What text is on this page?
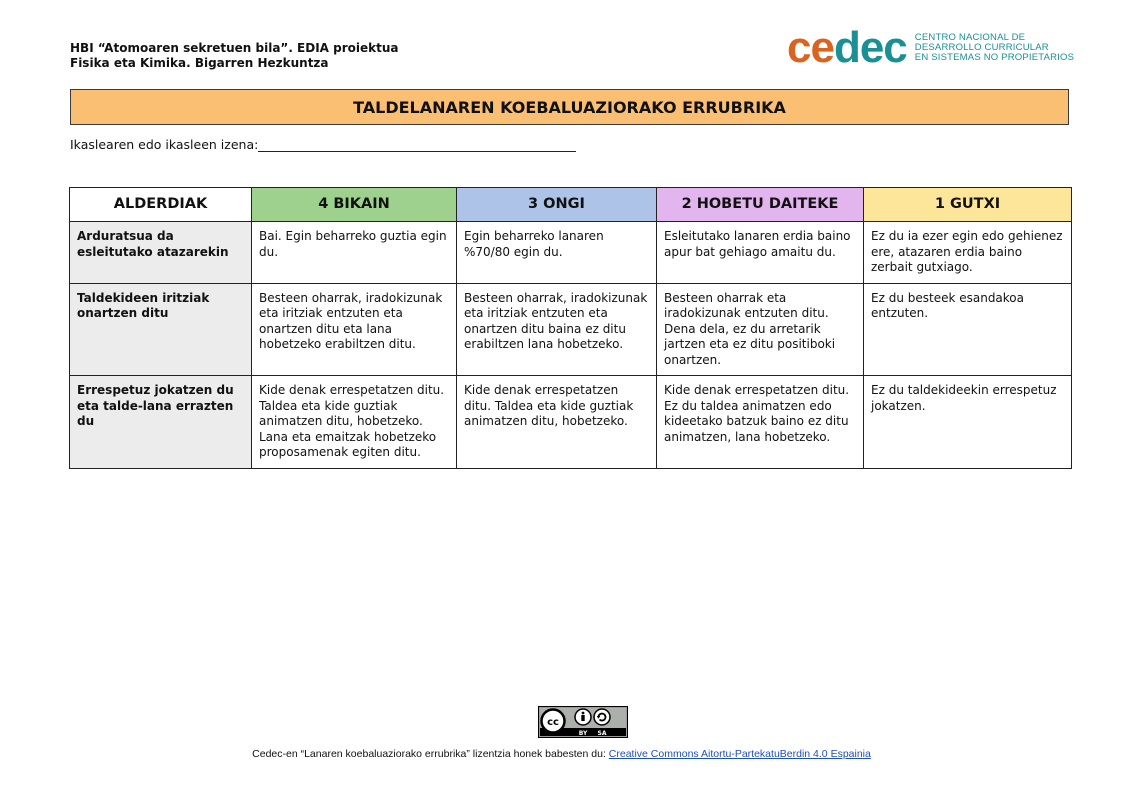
HBI “Atomoaren sekretuen bila”. EDIA proiektua
Fisika eta Kimika. Bigarren Hezkuntza	cedec CENTRO NACIONAL DE
DESARROLLO CURRICULAR
EN SISTEMAS NO PROPIETARIOS
TALDELANAREN KOEBALUAZIORAKO ERRUBRIKA
Ikaslearen edo ikasleen izena:
ALDERDIAK	4 BIKAIN	3 ONGI	2 HOBETU DAITEKE	1 GUTXI
Arduratsua da esleitutako atazarekin	Bai. Egin beharreko guztia egin du.	Egin beharreko lanaren %70/80 egin du.	Esleitutako lanaren erdia baino apur bat gehiago amaitu du.	Ez du ia ezer egin edo gehienez ere, atazaren erdia baino zerbait gutxiago.
Taldekideen iritziak onartzen ditu	Besteen oharrak, iradokizunak eta iritziak entzuten eta onartzen ditu eta lana hobetzeko erabiltzen ditu.	Besteen oharrak, iradokizunak eta iritziak entzuten eta onartzen ditu baina ez ditu erabiltzen lana hobetzeko.	Besteen oharrak eta iradokizunak entzuten ditu. Dena dela, ez du arretarik jartzen eta ez ditu positiboki onartzen.	Ez du besteek esandakoa entzuten.
Errespetuz jokatzen du eta talde-lana errazten du	Kide denak errespetatzen ditu. Taldea eta kide guztiak animatzen ditu, hobetzeko. Lana eta emaitzak hobetzeko proposamenak egiten ditu.	Kide denak errespetatzen ditu. Taldea eta kide guztiak animatzen ditu, hobetzeko.	Kide denak errespetatzen ditu. Ez du taldea animatzen edo kideetako batzuk baino ez ditu animatzen, lana hobetzeko.	Ez du taldekideekin errespetuz jokatzen.
cc
BY SA
Cedec-en “Lanaren koebaluaziorako errubrika” lizentzia honek babesten du: Creative Commons Aitortu-PartekatuBerdin 4.0 Espainia
